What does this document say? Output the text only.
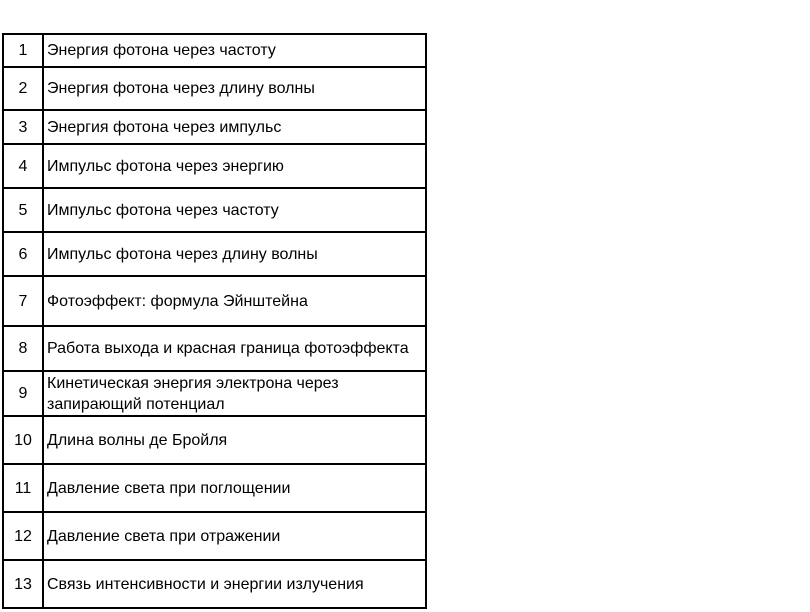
1	Энергия фотона через частоту
2	Энергия фотона через длину волны
3	Энергия фотона через импульс
4	Импульс фотона через энергию
5	Импульс фотона через частоту
6	Импульс фотона через длину волны
7	Фотоэффект: формула Эйнштейна
8	Работа выхода и красная граница фотоэффекта
9	Кинетическая энергия электрона через запирающий потенциал
10	Длина волны де Бройля
11	Давление света при поглощении
12	Давление света при отражении
13	Связь интенсивности и энергии излучения
